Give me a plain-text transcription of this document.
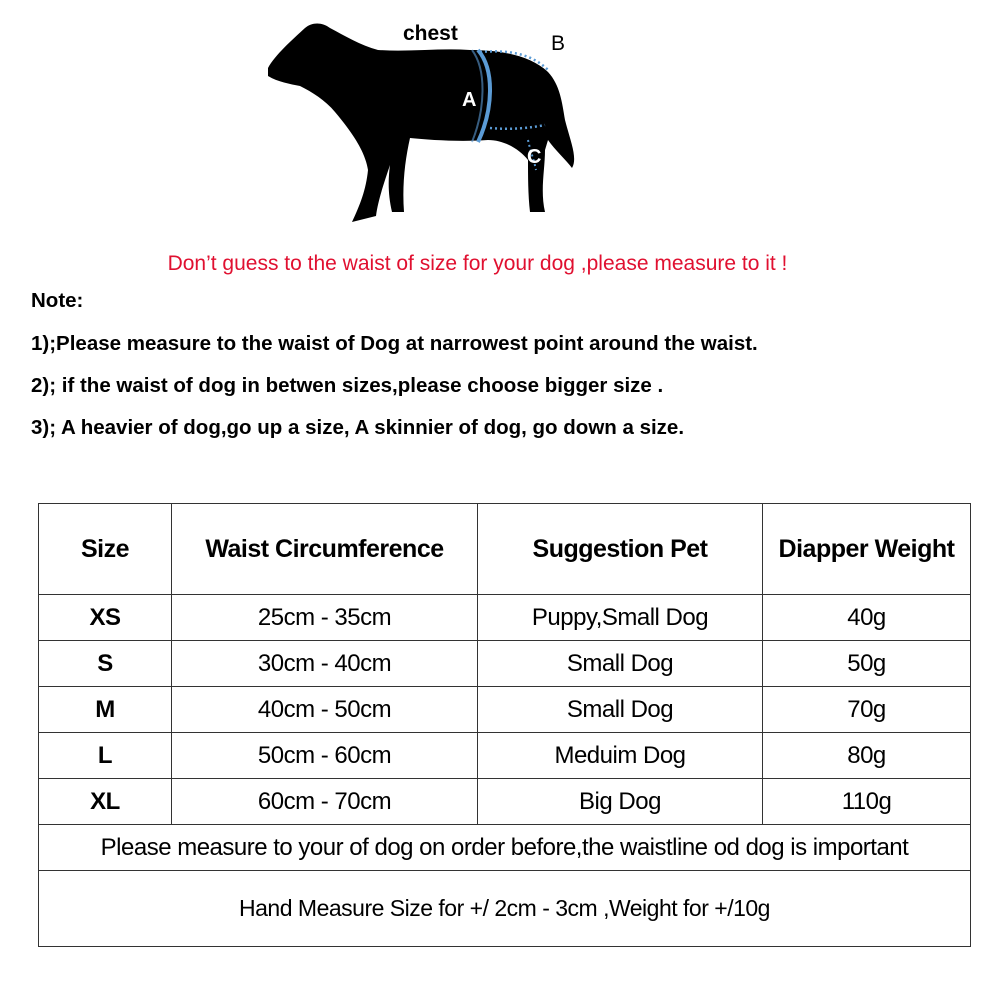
chest	B
A
C
Don’t guess to the waist of size for your dog ,please measure to it !
Note:
1);Please measure to the waist of Dog at narrowest point around the waist.
2); if the waist of dog in betwen sizes,please choose bigger size .
3); A heavier of dog,go up a size, A skinnier of dog, go down a size.
Size	Waist Circumference	Suggestion Pet	Diapper Weight
XS	25cm - 35cm	Puppy,Small Dog	40g
S	30cm - 40cm	Small Dog	50g
M	40cm - 50cm	Small Dog	70g
L	50cm - 60cm	Meduim Dog	80g
XL	60cm - 70cm	Big Dog	110g
Please measure to your of dog on order before,the waistline od dog is important			
Hand Measure Size for +/ 2cm - 3cm ,Weight for +/10g			
